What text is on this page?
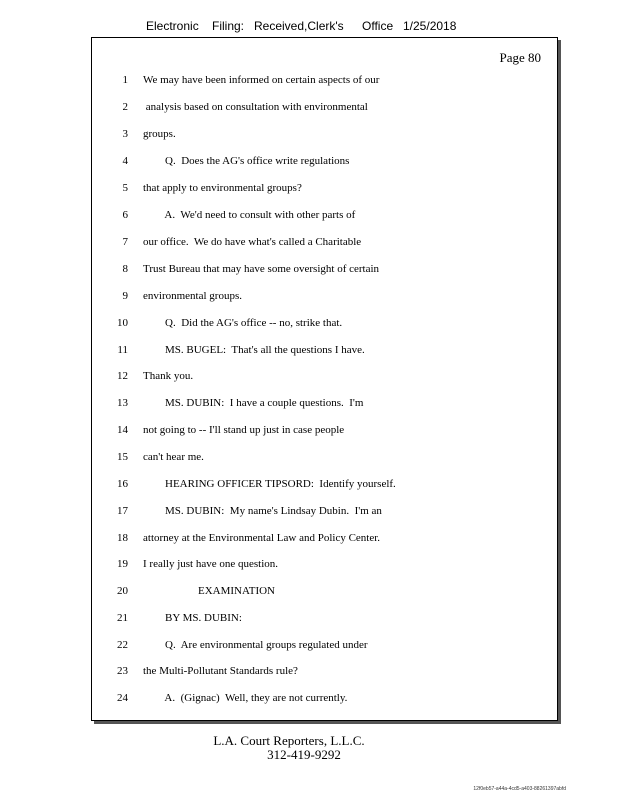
Electronic Filing: Received,Clerk's Office 1/25/2018
Page 80
1 We may have been informed on certain aspects of our
2 analysis based on consultation with environmental
3 groups.
4 Q.  Does the AG's office write regulations
5 that apply to environmental groups?
6 A.  We'd need to consult with other parts of
7 our office.  We do have what's called a Charitable
8 Trust Bureau that may have some oversight of certain
9 environmental groups.
10 Q.  Did the AG's office -- no, strike that.
11 MS. BUGEL:  That's all the questions I have.
12 Thank you.
13 MS. DUBIN:  I have a couple questions.  I'm
14 not going to -- I'll stand up just in case people
15 can't hear me.
16 HEARING OFFICER TIPSORD:  Identify yourself.
17 MS. DUBIN:  My name's Lindsay Dubin.  I'm an
18 attorney at the Environmental Law and Policy Center.
19 I really just have one question.
20 EXAMINATION
21 BY MS. DUBIN:
22 Q.  Are environmental groups regulated under
23 the Multi-Pollutant Standards rule?
24 A.  (Gignac)  Well, they are not currently.
L.A. Court Reporters, L.L.C.
312-419-9292
12f0eb57-a44a-4cd5-a403-88261397abfd
